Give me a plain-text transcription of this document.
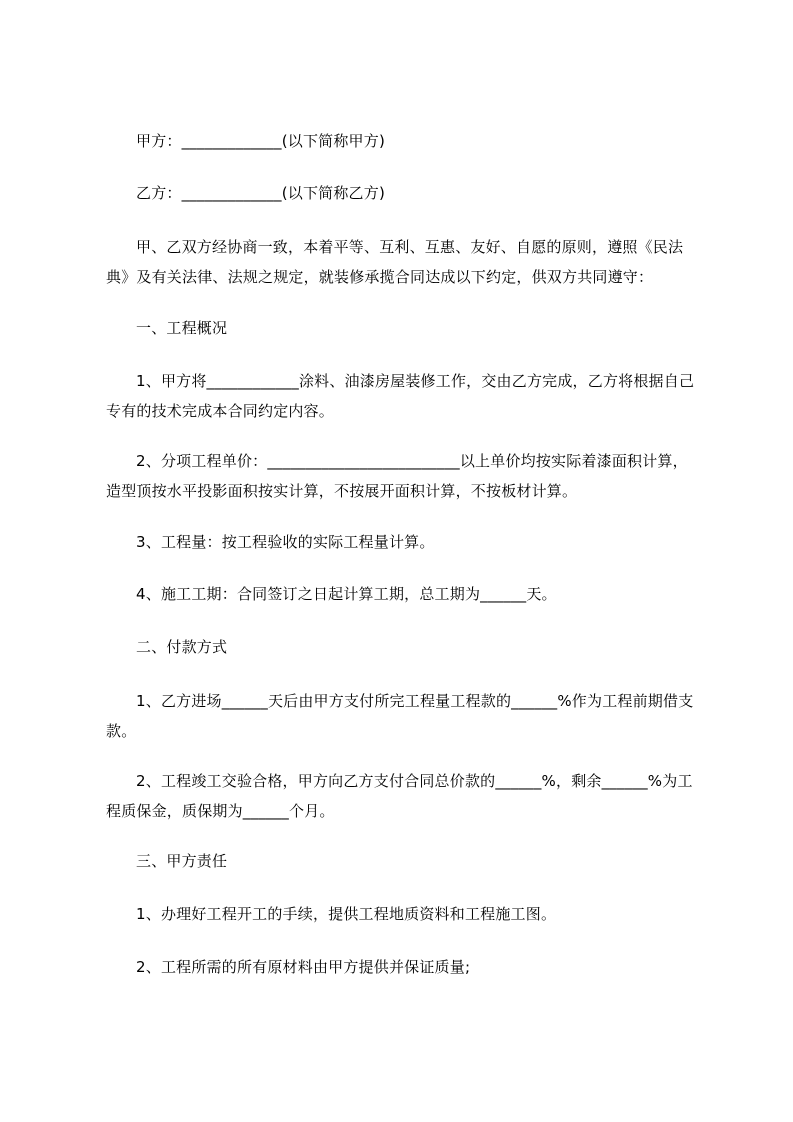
甲方：_____________(以下简称甲方)
乙方：_____________(以下简称乙方)
甲、乙双方经协商一致，本着平等、互利、互惠、友好、自愿的原则，遵照《民法典》及有关法律、法规之规定，就装修承揽合同达成以下约定，供双方共同遵守：
一、工程概况
1、甲方将____________涂料、油漆房屋装修工作，交由乙方完成，乙方将根据自己专有的技术完成本合同约定内容。
2、分项工程单价：_________________________以上单价均按实际着漆面积计算，造型顶按水平投影面积按实计算，不按展开面积计算，不按板材计算。
3、工程量：按工程验收的实际工程量计算。
4、施工工期：合同签订之日起计算工期，总工期为______天。
二、付款方式
1、乙方进场______天后由甲方支付所完工程量工程款的______%作为工程前期借支款。
2、工程竣工交验合格，甲方向乙方支付合同总价款的______%，剩余______%为工程质保金，质保期为______个月。
三、甲方责任
1、办理好工程开工的手续，提供工程地质资料和工程施工图。
2、工程所需的所有原材料由甲方提供并保证质量;
